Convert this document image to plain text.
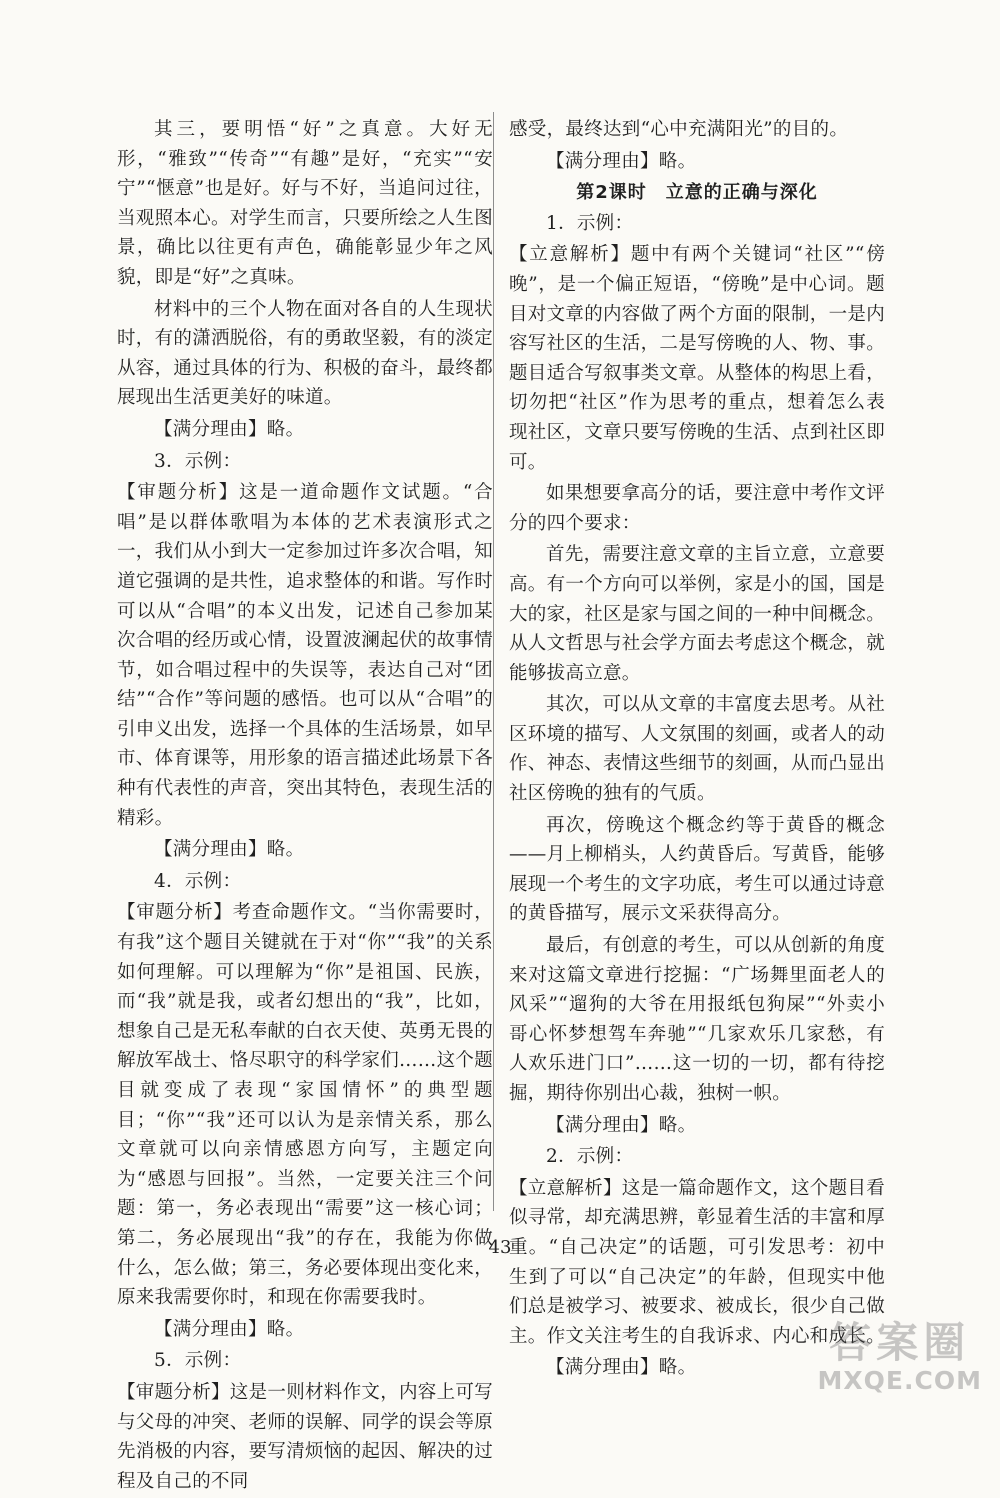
其三，要明悟“好”之真意。大好无形，“雅致”“传奇”“有趣”是好，“充实”“安宁”“惬意”也是好。好与不好，当追问过往，当观照本心。对学生而言，只要所绘之人生图景，确比以往更有声色，确能彰显少年之风貌，即是“好”之真味。

材料中的三个人物在面对各自的人生现状时，有的潇洒脱俗，有的勇敢坚毅，有的淡定从容，通过具体的行为、积极的奋斗，最终都展现出生活更美好的味道。

【满分理由】略。

3．示例：

【审题分析】这是一道命题作文试题。“合唱”是以群体歌唱为本体的艺术表演形式之一，我们从小到大一定参加过许多次合唱，知道它强调的是共性，追求整体的和谐。写作时可以从“合唱”的本义出发，记述自己参加某次合唱的经历或心情，设置波澜起伏的故事情节，如合唱过程中的失误等，表达自己对“团结”“合作”等问题的感悟。也可以从“合唱”的引申义出发，选择一个具体的生活场景，如早市、体育课等，用形象的语言描述此场景下各种有代表性的声音，突出其特色，表现生活的精彩。

【满分理由】略。

4．示例：

【审题分析】考查命题作文。“当你需要时，有我”这个题目关键就在于对“你”“我”的关系如何理解。可以理解为“你”是祖国、民族，而“我”就是我，或者幻想出的“我”，比如，想象自己是无私奉献的白衣天使、英勇无畏的解放军战士、恪尽职守的科学家们……这个题目就变成了表现“家国情怀”的典型题目；“你”“我”还可以认为是亲情关系，那么文章就可以向亲情感恩方向写，主题定向为“感恩与回报”。当然，一定要关注三个问题：第一，务必表现出“需要”这一核心词；第二，务必展现出“我”的存在，我能为你做什么，怎么做；第三，务必要体现出变化来，原来我需要你时，和现在你需要我时。

【满分理由】略。

5．示例：

【审题分析】这是一则材料作文，内容上可写与父母的冲突、老师的误解、同学的误会等原先消极的内容，要写清烦恼的起因、解决的过程及自己的不同

感受，最终达到“心中充满阳光”的目的。

【满分理由】略。

第2课时　立意的正确与深化

1．示例：

【立意解析】题中有两个关键词“社区”“傍晚”，是一个偏正短语，“傍晚”是中心词。题目对文章的内容做了两个方面的限制，一是内容写社区的生活，二是写傍晚的人、物、事。题目适合写叙事类文章。从整体的构思上看，切勿把“社区”作为思考的重点，想着怎么表现社区，文章只要写傍晚的生活、点到社区即可。

如果想要拿高分的话，要注意中考作文评分的四个要求：

首先，需要注意文章的主旨立意，立意要高。有一个方向可以举例，家是小的国，国是大的家，社区是家与国之间的一种中间概念。从人文哲思与社会学方面去考虑这个概念，就能够拔高立意。

其次，可以从文章的丰富度去思考。从社区环境的描写、人文氛围的刻画，或者人的动作、神态、表情这些细节的刻画，从而凸显出社区傍晚的独有的气质。

再次，傍晚这个概念约等于黄昏的概念——月上柳梢头，人约黄昏后。写黄昏，能够展现一个考生的文字功底，考生可以通过诗意的黄昏描写，展示文采获得高分。

最后，有创意的考生，可以从创新的角度来对这篇文章进行挖掘：“广场舞里面老人的风采”“遛狗的大爷在用报纸包狗屎”“外卖小哥心怀梦想驾车奔驰”“几家欢乐几家愁，有人欢乐进门口”……这一切的一切，都有待挖掘，期待你别出心裁，独树一帜。

【满分理由】略。

2．示例：

【立意解析】这是一篇命题作文，这个题目看似寻常，却充满思辨，彰显着生活的丰富和厚重。“自己决定”的话题，可引发思考：初中生到了可以“自己决定”的年龄，但现实中他们总是被学习、被要求、被成长，很少自己做主。作文关注考生的自我诉求、内心和成长。

【满分理由】略。

43
答案圈
MXQE.COM
